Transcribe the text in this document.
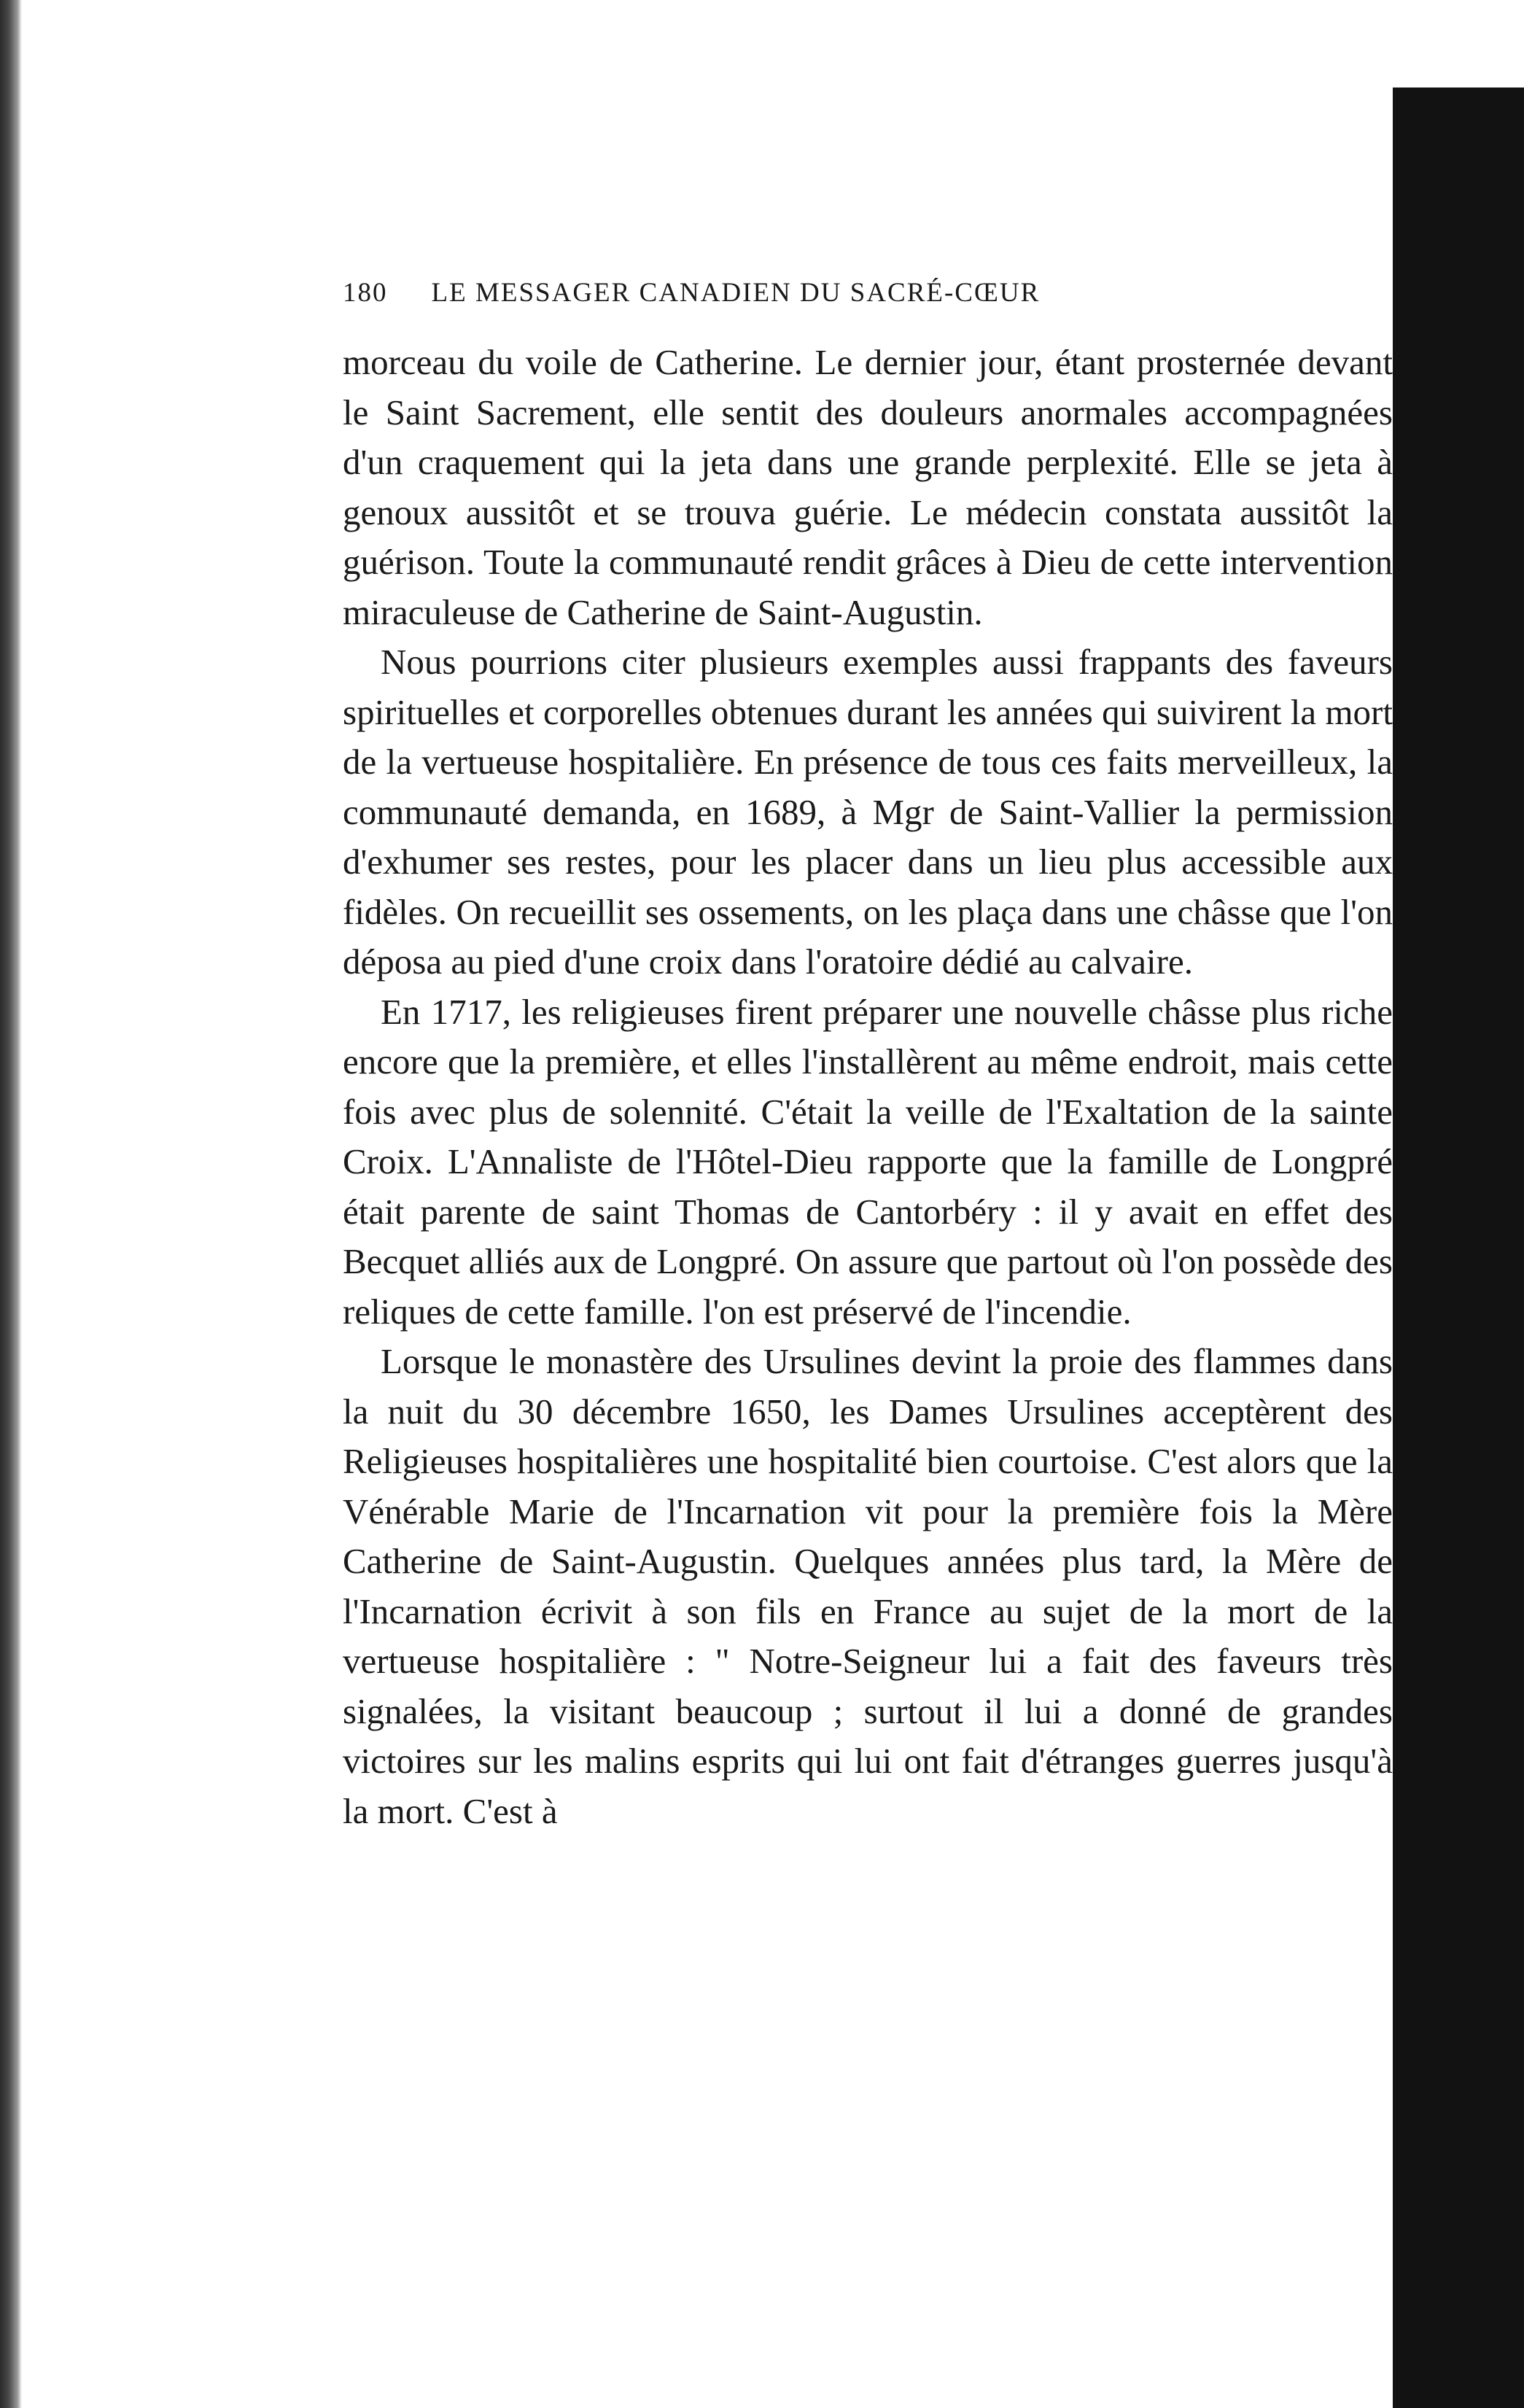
180 LE MESSAGER CANADIEN DU SACRÉ-CŒUR

morceau du voile de Catherine. Le dernier jour, étant prosternée devant le Saint Sacrement, elle sentit des douleurs anormales accompagnées d'un craquement qui la jeta dans une grande perplexité. Elle se jeta à genoux aussitôt et se trouva guérie. Le médecin constata aussitôt la guérison. Toute la communauté rendit grâces à Dieu de cette intervention miraculeuse de Catherine de Saint-Augustin.

Nous pourrions citer plusieurs exemples aussi frappants des faveurs spirituelles et corporelles obtenues durant les années qui suivirent la mort de la vertueuse hospitalière. En présence de tous ces faits merveilleux, la communauté demanda, en 1689, à Mgr de Saint-Vallier la permission d'exhumer ses restes, pour les placer dans un lieu plus accessible aux fidèles. On recueillit ses ossements, on les plaça dans une châsse que l'on déposa au pied d'une croix dans l'oratoire dédié au calvaire.

En 1717, les religieuses firent préparer une nouvelle châsse plus riche encore que la première, et elles l'installèrent au même endroit, mais cette fois avec plus de solennité. C'était la veille de l'Exaltation de la sainte Croix. L'Annaliste de l'Hôtel-Dieu rapporte que la famille de Longpré était parente de saint Thomas de Cantorbéry : il y avait en effet des Becquet alliés aux de Longpré. On assure que partout où l'on possède des reliques de cette famille. l'on est préservé de l'incendie.

Lorsque le monastère des Ursulines devint la proie des flammes dans la nuit du 30 décembre 1650, les Dames Ursulines acceptèrent des Religieuses hospitalières une hospitalité bien courtoise. C'est alors que la Vénérable Marie de l'Incarnation vit pour la première fois la Mère Catherine de Saint-Augustin. Quelques années plus tard, la Mère de l'Incarnation écrivit à son fils en France au sujet de la mort de la vertueuse hospitalière : " Notre-Seigneur lui a fait des faveurs très signalées, la visitant beaucoup ; surtout il lui a donné de grandes victoires sur les malins esprits qui lui ont fait d'étranges guerres jusqu'à la mort. C'est à
